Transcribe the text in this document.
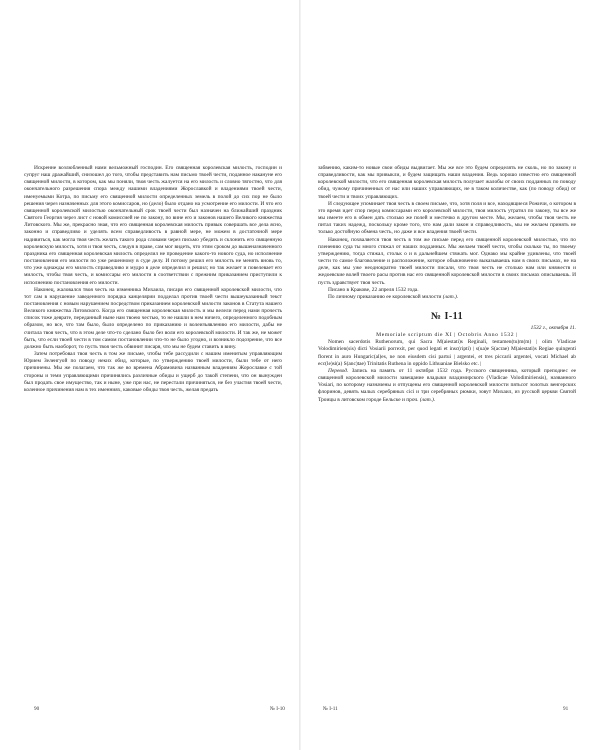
Искренне возлюбленный нами вельможный господин. Его священная королевская милость, господин и супруг наш дражайший, снизошел до того, чтобы представить нам письмо твоей чести, поданное накануне его священной милости, в котором, как мы поняли, твоя честь жалуется на его милость и словно тягостно, что для окончательного разрешения спора между нашими владениями Жорославкой и владениями твоей чести, именуемыми Котра, по письму его священной милости определенных земель в полой до сих пор не было решения через назначенных для этого комиссаров, но (дело) было отдано на усмотрение его милости. И что его священной королевской милостью окончательный срок твоей чести был назначен на ближайший праздник Святого Георгия через лист с новой комиссией не по закону, по вине его и законов нашего Великого княжества Литовского. Мы же, прекрасно зная, что его священная королевская милость привык совершать все дела ясно, законно и справедливо и уделять всем справедливость в равной мере, не можем в достаточной мере надивиться, как могла твоя честь желать такого рода словами через письмо убедить и склонить его священную королевскую милость, хотя и твоя честь, следуя в праве, сам мог видеть, что этим сроком до вышеназначенного праздника его священная королевская милость определил не проведение какого-то нового суда, но исполнение постановления его милости по уже решенному в суде делу. И потому решил его милость не менять вновь то, что уже однажды его милость справедливо и мудро в деле определил и решил; но так желает и повелевает его милость, чтобы твоя честь, и комиссары его милости в соответствии с прежним приказанием приступили к исполнению постановления его милости.

Наконец, жаловался твоя честь на изменника Михаила, писаря его священной королевской милости, что тот сам в нарушение заведенного порядка канцелярии подделал против твоей чести вышеуказанный текст постановления с новым нарушением посредством приказанием королевской милости законов в Статута нашего Великого княжества Литовского. Когда его священная королевская милость и мы велели перед нами прочесть список тоже деврате, переданный ныне нам твоею честью, то не нашли в нем ничего, определенного подобным образом, но все, что там было, было определено по приказанию и волеизъявлению его милости, дабы не считала твоя честь, что в этом деле что-то сделано было без воли его королевской милости. И так же, не может быть, что если твоей чести в том самом постановлении что-то не было угодно, и возникло подозрение, что все должно быть наоборот, то пусть твоя честь обвинит писаря, что мы не будем ставить в вину.

Затем потребовал твоя честь в том же письме, чтобы тебе рассудили с нашим именитым управляющим Юрием Зеленгуой по поводу неких обид, которые, по утверждению твоей милости, были тебе от него причинены. Мы же полагаем, что так же во времена Абрамовича названным владениям Жорославке с той стороны и теми управляющими причинялись различные обиды и ущерб до такой степени, что он вынужден был продать свое имущество, так и ныне, уже при нас, не перестали причиняться, не без участия твоей чести, коленное причинения нам в тех именниях, каковые обиды твоя честь, желая предать

забвению, каким-то новые свои обиды выдвигает. Мы же все это будем определять не сколь, но по закону и справедливости, как мы привыкли, и будем защищать наши владения. Ведь хорошо известно его священной королевской милости, что его священная королевская милость получает жалобы от своих подданных по поводу обид, чужому причиненных от нас или наших управляющих, не в таком количестве, как (по поводу обид) от твоей чести и твоих управляющих.

И следующее упоминает твоя честь в своем письме, что, хотя поля и все, находящиеся Рожичи, о котором в это время идет спор перед комиссарами его королевской милости, твоя милость утратил по закону, ты все же мы имеете его в обмен дать столько же полей и местечко в другом месте. Мы, желаем, чтобы твоя честь не питал таких надежд, поскольку кроме того, что нам дали закон и справедливость, мы не желаем принять не только достойную обмена честь, но даже и все владения твоей чести.

Наконец, похваляется твоя честь в том же письме перед его священной королевской милостью, что по пленению суда ты много стяжал от наших подданных. Мы желаем твоей чести, чтобы сколько ты, по твоему утверждению, тогда стяжал, стольк о и в дальнейшем стяжать мог. Однако мы крайне удивлены, что твоей чести то самое благоволение и расположение, которое обыкновенно выказываешь нам в своих письмах, не на деле, как мы уже неоднократно твоей милости писали, что твоя честь не столько нам или княжеств и жедоевские волей твоего расы против нас его священной королевской милости в своих письмах описываешь. И пусть здравствует твоя честь.

Писано в Кракове, 22 апреля 1532 года.

По личному приказанию ее королевской милости (лат.).

№ I-11

1532 г., октября 11.

Memoriale scriptum die XI | Octobris Anno 1532 |

Nomen sacerdotis Ruthenorum, qui Sacra M(aiestati)s Reginali, testamen(tu)m(m) | olim Vladicae Volodimirien(sis) dicti Vosiarii porrexit, per quod legati et insc(ripti) | s(ua)e S(acrae) M(aiestati)s Regiae quingenti florent in auro Hungaric(al)es, ne non eiusdem cisi partui | argentei, et tres piccarii argentei, vocati Michael ab ecc(le)si(a) S(anc)tae) Trinitatis Ruthena in oppido Lithuaniae Bielsko etc. |

Перевод. Запись на память от 11 октября 1532 года. Русского священника, который преподнес ее священной королевской милости завещание владыки владимирского (Vladicae Volodimiriensis), названного Vosiari, по которому назначены и отпущены его священной королевской милости пятьсот золотых венгерских флоринов, девять малых серебряных сiсі и три серебряных рюмки, зовут Михаил, из русской церкви Святой Троицы в литовском городе Бельске и проч. (лат.).

90	№ I-10	№ I-11	91
